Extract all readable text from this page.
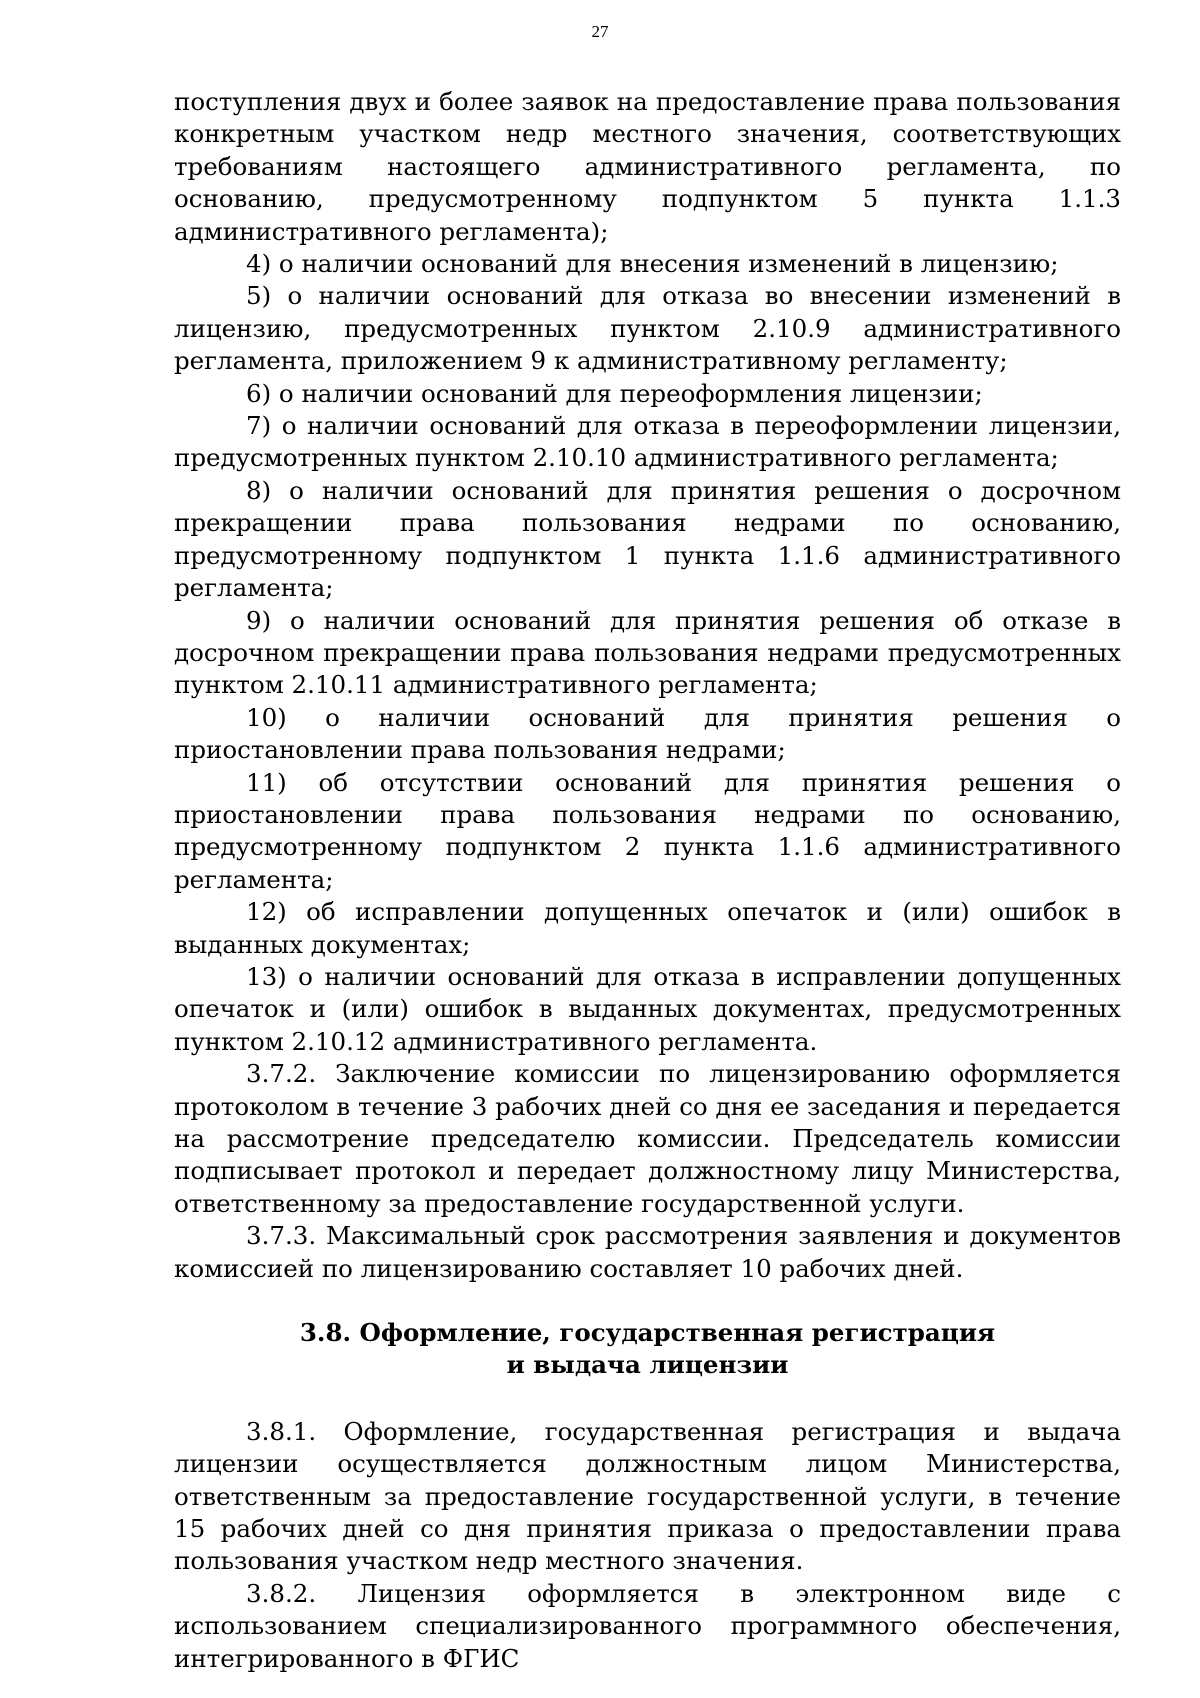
27

поступления двух и более заявок на предоставление права пользования конкретным участком недр местного значения, соответствующих требованиям настоящего административного регламента, по основанию, предусмотренному подпунктом 5 пункта 1.1.3 административного регламента);

4) о наличии оснований для внесения изменений в лицензию;

5) о наличии оснований для отказа во внесении изменений в лицензию, предусмотренных пунктом 2.10.9 административного регламента, приложением 9 к административному регламенту;

6) о наличии оснований для переоформления лицензии;

7) о наличии оснований для отказа в переоформлении лицензии, предусмотренных пунктом 2.10.10 административного регламента;

8) о наличии оснований для принятия решения о досрочном прекращении права пользования недрами по основанию, предусмотренному подпунктом 1 пункта 1.1.6 административного регламента;

9) о наличии оснований для принятия решения об отказе в досрочном прекращении права пользования недрами предусмотренных пунктом 2.10.11 административного регламента;

10) о наличии оснований для принятия решения о приостановлении права пользования недрами;

11) об отсутствии оснований для принятия решения о приостановлении права пользования недрами по основанию, предусмотренному подпунктом 2 пункта 1.1.6 административного регламента;

12) об исправлении допущенных опечаток и (или) ошибок в выданных документах;

13) о наличии оснований для отказа в исправлении допущенных опечаток и (или) ошибок в выданных документах, предусмотренных пунктом 2.10.12 административного регламента.

3.7.2. Заключение комиссии по лицензированию оформляется протоколом в течение 3 рабочих дней со дня ее заседания и передается на рассмотрение председателю комиссии. Председатель комиссии подписывает протокол и передает должностному лицу Министерства, ответственному за предоставление государственной услуги.

3.7.3. Максимальный срок рассмотрения заявления и документов комиссией по лицензированию составляет 10 рабочих дней.

3.8. Оформление, государственная регистрация
и выдача лицензии

3.8.1. Оформление, государственная регистрация и выдача лицензии осуществляется должностным лицом Министерства, ответственным за предоставление государственной услуги, в течение 15 рабочих дней со дня принятия приказа о предоставлении права пользования участком недр местного значения.

3.8.2. Лицензия оформляется в электронном виде с использованием специализированного программного обеспечения, интегрированного в ФГИС
